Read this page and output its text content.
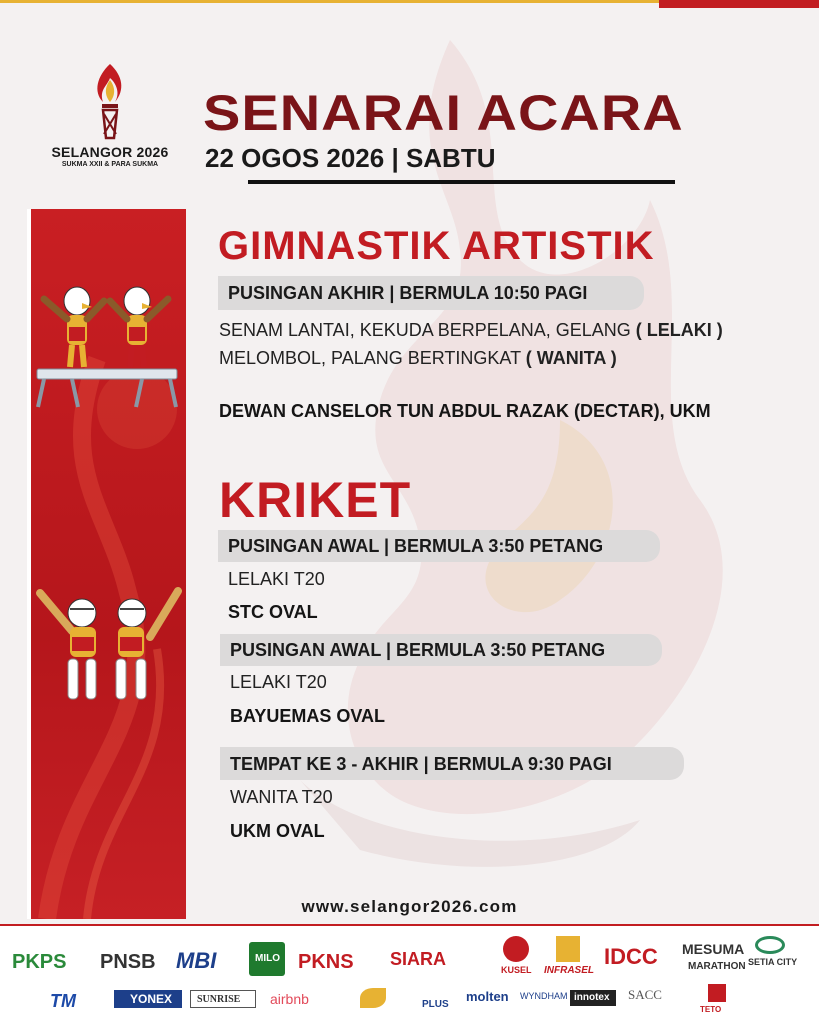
SELANGOR 2026
SUKMA XXII & PARA SUKMA
SENARAI ACARA
22 OGOS 2026 | SABTU
GIMNASTIK ARTISTIK
PUSINGAN AKHIR | BERMULA 10:50 PAGI
SENAM LANTAI, KEKUDA BERPELANA, GELANG ( LELAKI )
MELOMBOL, PALANG BERTINGKAT ( WANITA )
DEWAN CANSELOR TUN ABDUL RAZAK (DECTAR), UKM
KRIKET
PUSINGAN AWAL | BERMULA 3:50 PETANG
LELAKI T20
STC OVAL
PUSINGAN AWAL | BERMULA 3:50 PETANG
LELAKI T20
BAYUEMAS OVAL
TEMPAT KE 3 - AKHIR | BERMULA 9:30 PAGI
WANITA T20
UKM OVAL
www.selangor2026.com
PKPS PNSB MBI	MILO PKNS SIARA
KUSEL INFRASEL
IDCC MESUMA
MARATHON SETIA CITY
TM	YONEX SUNRISE airbnb	PLUS
molten WYNDHAM innotex SACC
TETO
